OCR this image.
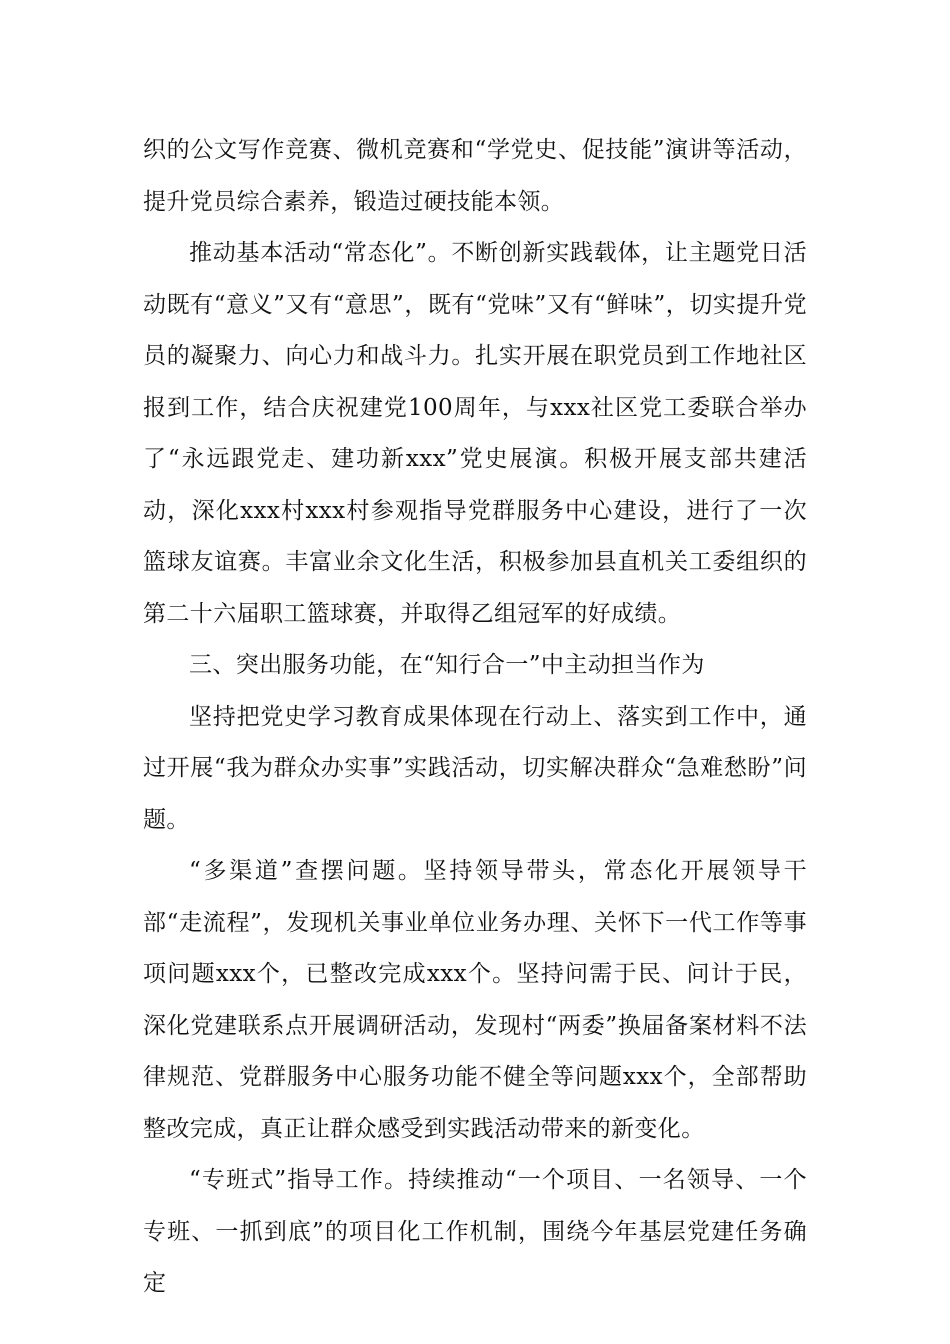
织的公文写作竞赛、微机竞赛和“学党史、促技能”演讲等活动，提升党员综合素养，锻造过硬技能本领。

推动基本活动“常态化”。不断创新实践载体，让主题党日活动既有“意义”又有“意思”，既有“党味”又有“鲜味”，切实提升党员的凝聚力、向心力和战斗力。扎实开展在职党员到工作地社区报到工作，结合庆祝建党100周年，与xxx社区党工委联合举办了“永远跟党走、建功新xxx”党史展演。积极开展支部共建活动，深化xxx村xxx村参观指导党群服务中心建设，进行了一次篮球友谊赛。丰富业余文化生活，积极参加县直机关工委组织的第二十六届职工篮球赛，并取得乙组冠军的好成绩。

三、突出服务功能，在“知行合一”中主动担当作为

坚持把党史学习教育成果体现在行动上、落实到工作中，通过开展“我为群众办实事”实践活动，切实解决群众“急难愁盼”问题。

“多渠道”查摆问题。坚持领导带头，常态化开展领导干部“走流程”，发现机关事业单位业务办理、关怀下一代工作等事项问题xxx个，已整改完成xxx个。坚持问需于民、问计于民，深化党建联系点开展调研活动，发现村“两委”换届备案材料不法律规范、党群服务中心服务功能不健全等问题xxx个，全部帮助整改完成，真正让群众感受到实践活动带来的新变化。

“专班式”指导工作。持续推动“一个项目、一名领导、一个专班、一抓到底”的项目化工作机制，围绕今年基层党建任务确定
